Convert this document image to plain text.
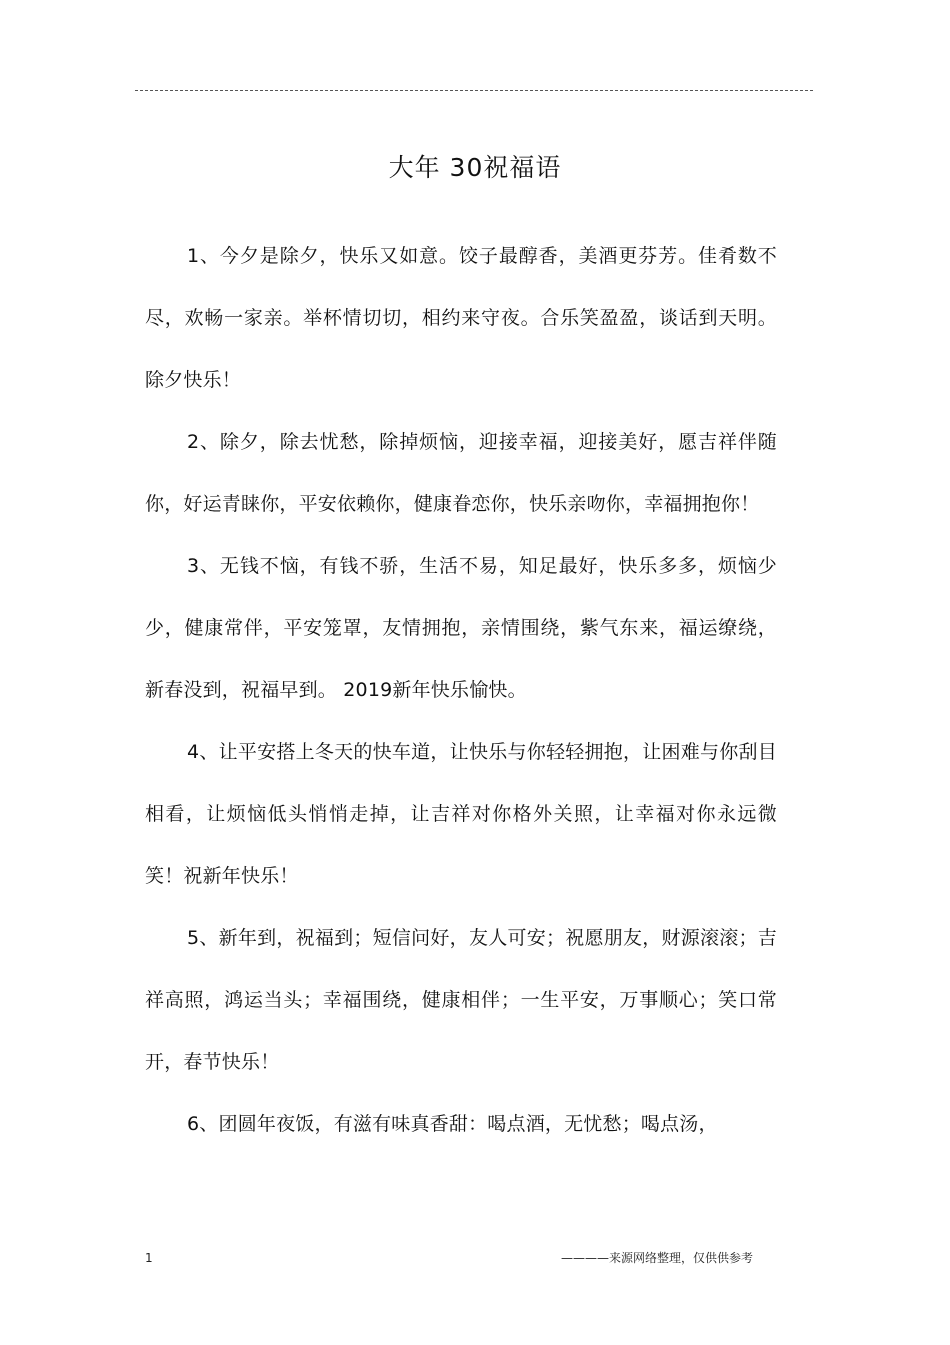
大年 30祝福语

1、今夕是除夕，快乐又如意。饺子最醇香，美酒更芬芳。佳肴数不尽，欢畅一家亲。举杯情切切，相约来守夜。合乐笑盈盈，谈话到天明。除夕快乐！

2、除夕，除去忧愁，除掉烦恼，迎接幸福，迎接美好，愿吉祥伴随你，好运青睐你，平安依赖你，健康眷恋你，快乐亲吻你，幸福拥抱你！

3、无钱不恼，有钱不骄，生活不易，知足最好，快乐多多，烦恼少少，健康常伴，平安笼罩，友情拥抱，亲情围绕，紫气东来，福运缭绕，新春没到，祝福早到。 2019新年快乐愉快。

4、让平安搭上冬天的快车道，让快乐与你轻轻拥抱，让困难与你刮目相看，让烦恼低头悄悄走掉，让吉祥对你格外关照，让幸福对你永远微笑！祝新年快乐！

5、新年到，祝福到；短信问好，友人可安；祝愿朋友，财源滚滚；吉祥高照，鸿运当头；幸福围绕，健康相伴；一生平安，万事顺心；笑口常开，春节快乐！

6、团圆年夜饭，有滋有味真香甜：喝点酒，无忧愁；喝点汤，

1	————来源网络整理，仅供供参考
